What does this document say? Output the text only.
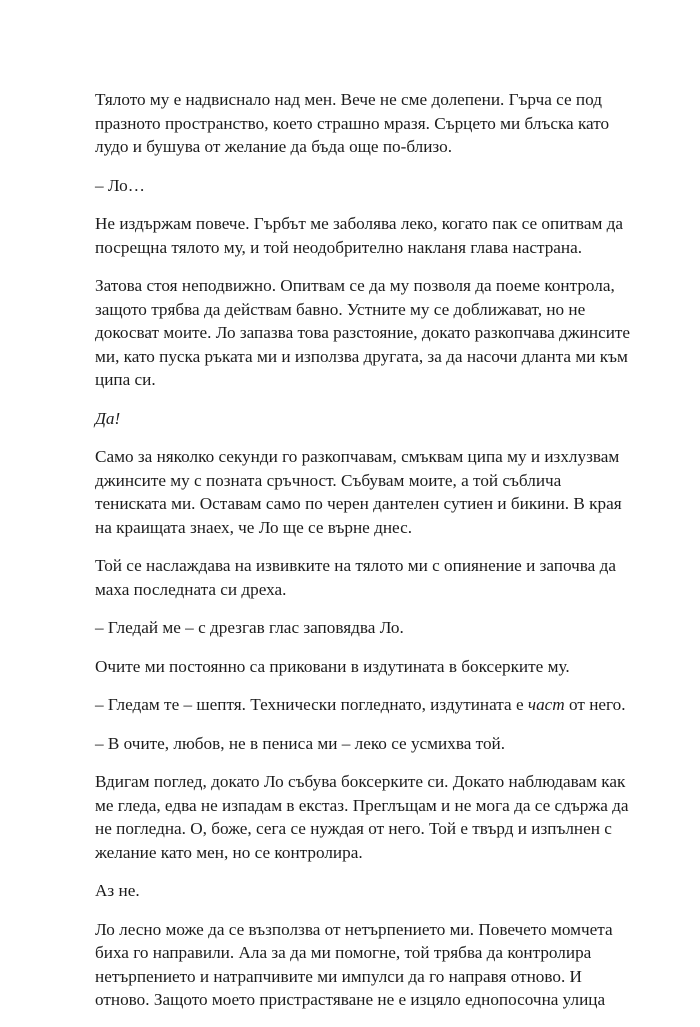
Тялото му е надвиснало над мен. Вече не сме долепени. Гърча се под
празното пространство, което страшно мразя. Сърцето ми блъска като
лудо и бушува от желание да бъда още по-близо.

– Ло…

Не издържам повече. Гърбът ме заболява леко, когато пак се опитвам да
посрещна тялото му, и той неодобрително накланя глава настрана.

Затова стоя неподвижно. Опитвам се да му позволя да поеме контрола,
защото трябва да действам бавно. Устните му се доближават, но не
докосват моите. Ло запазва това разстояние, докато разкопчава джинсите
ми, като пуска ръката ми и използва другата, за да насочи дланта ми към
ципа си.

Да!

Само за няколко секунди го разкопчавам, смъквам ципа му и изхлузвам
джинсите му с позната сръчност. Събувам моите, а той съблича
тениската ми. Оставам само по черен дантелен сутиен и бикини. В края
на краищата знаех, че Ло ще се върне днес.

Той се наслаждава на извивките на тялото ми с опиянение и започва да
маха последната си дреха.

– Гледай ме – с дрезгав глас заповядва Ло.

Очите ми постоянно са приковани в издутината в боксерките му.

– Гледам те – шептя. Технически погледнато, издутината е част от него.

– В очите, любов, не в пениса ми – леко се усмихва той.

Вдигам поглед, докато Ло събува боксерките си. Докато наблюдавам как
ме гледа, едва не изпадам в екстаз. Преглъщам и не мога да се сдържа да
не погледна. О, боже, сега се нуждая от него. Той е твърд и изпълнен с
желание като мен, но се контролира.

Аз не.

Ло лесно може да се възползва от нетърпението ми. Повечето момчета
биха го направили. Ала за да ми помогне, той трябва да контролира
нетърпението и натрапчивите ми импулси да го направя отново. И
отново. Защото моето пристрастяване не е изцяло еднопосочна улица
